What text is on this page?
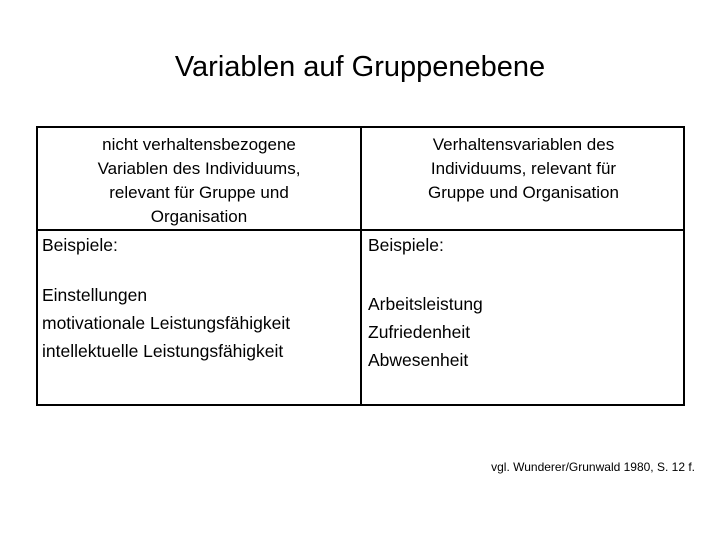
Variablen auf Gruppenebene
nicht verhaltensbezogene
Variablen des Individuums,
relevant für Gruppe und
Organisation
Verhaltensvariablen des
Individuums, relevant für
Gruppe und Organisation
Beispiele:	Beispiele:
Einstellungen
motivationale Leistungsfähigkeit
intellektuelle Leistungsfähigkeit
Arbeitsleistung
Zufriedenheit
Abwesenheit
vgl. Wunderer/Grunwald 1980, S. 12 f.
